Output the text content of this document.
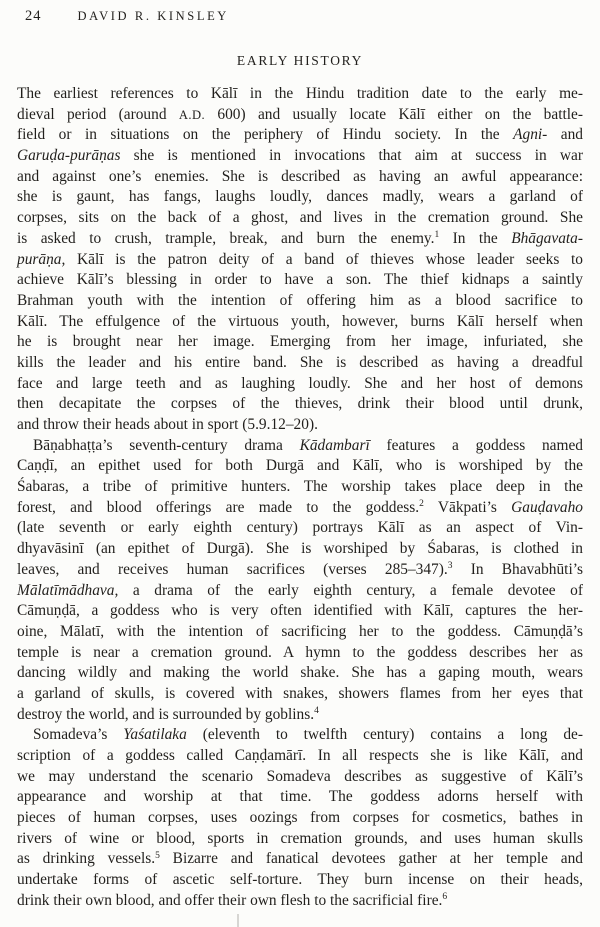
24	DAVID R. KINSLEY
EARLY HISTORY
The earliest references to Kālī in the Hindu tradition date to the early me-
dieval period (around A.D. 600) and usually locate Kālī either on the battle-
field or in situations on the periphery of Hindu society. In the Agni- and
Garuḍa-purāṇas she is mentioned in invocations that aim at success in war
and against one’s enemies. She is described as having an awful appearance:
she is gaunt, has fangs, laughs loudly, dances madly, wears a garland of
corpses, sits on the back of a ghost, and lives in the cremation ground. She
is asked to crush, trample, break, and burn the enemy.$^1$ In the Bhāgavata-
purāṇa, Kālī is the patron deity of a band of thieves whose leader seeks to
achieve Kālī’s blessing in order to have a son. The thief kidnaps a saintly
Brahman youth with the intention of offering him as a blood sacrifice to
Kālī. The effulgence of the virtuous youth, however, burns Kālī herself when
he is brought near her image. Emerging from her image, infuriated, she
kills the leader and his entire band. She is described as having a dreadful
face and large teeth and as laughing loudly. She and her host of demons
then decapitate the corpses of the thieves, drink their blood until drunk,
and throw their heads about in sport (5.9.12–20).
Bāṇabhaṭṭa’s seventh-century drama Kādambarī features a goddess named
Caṇḍī, an epithet used for both Durgā and Kālī, who is worshiped by the
Śabaras, a tribe of primitive hunters. The worship takes place deep in the
forest, and blood offerings are made to the goddess.$^2$ Vākpati’s Gauḍavaho
(late seventh or early eighth century) portrays Kālī as an aspect of Vin-
dhyavāsinī (an epithet of Durgā). She is worshiped by Śabaras, is clothed in
leaves, and receives human sacrifices (verses 285–347).$^3$ In Bhavabhūti’s
Mālatīmādhava, a drama of the early eighth century, a female devotee of
Cāmuṇḍā, a goddess who is very often identified with Kālī, captures the her-
oine, Mālatī, with the intention of sacrificing her to the goddess. Cāmuṇḍā’s
temple is near a cremation ground. A hymn to the goddess describes her as
dancing wildly and making the world shake. She has a gaping mouth, wears
a garland of skulls, is covered with snakes, showers flames from her eyes that
destroy the world, and is surrounded by goblins.$^4$
Somadeva’s Yaśatilaka (eleventh to twelfth century) contains a long de-
scription of a goddess called Caṇḍamārī. In all respects she is like Kālī, and
we may understand the scenario Somadeva describes as suggestive of Kālī’s
appearance and worship at that time. The goddess adorns herself with
pieces of human corpses, uses oozings from corpses for cosmetics, bathes in
rivers of wine or blood, sports in cremation grounds, and uses human skulls
as drinking vessels.$^5$ Bizarre and fanatical devotees gather at her temple and
undertake forms of ascetic self-torture. They burn incense on their heads,
drink their own blood, and offer their own flesh to the sacrificial fire.$^6$
